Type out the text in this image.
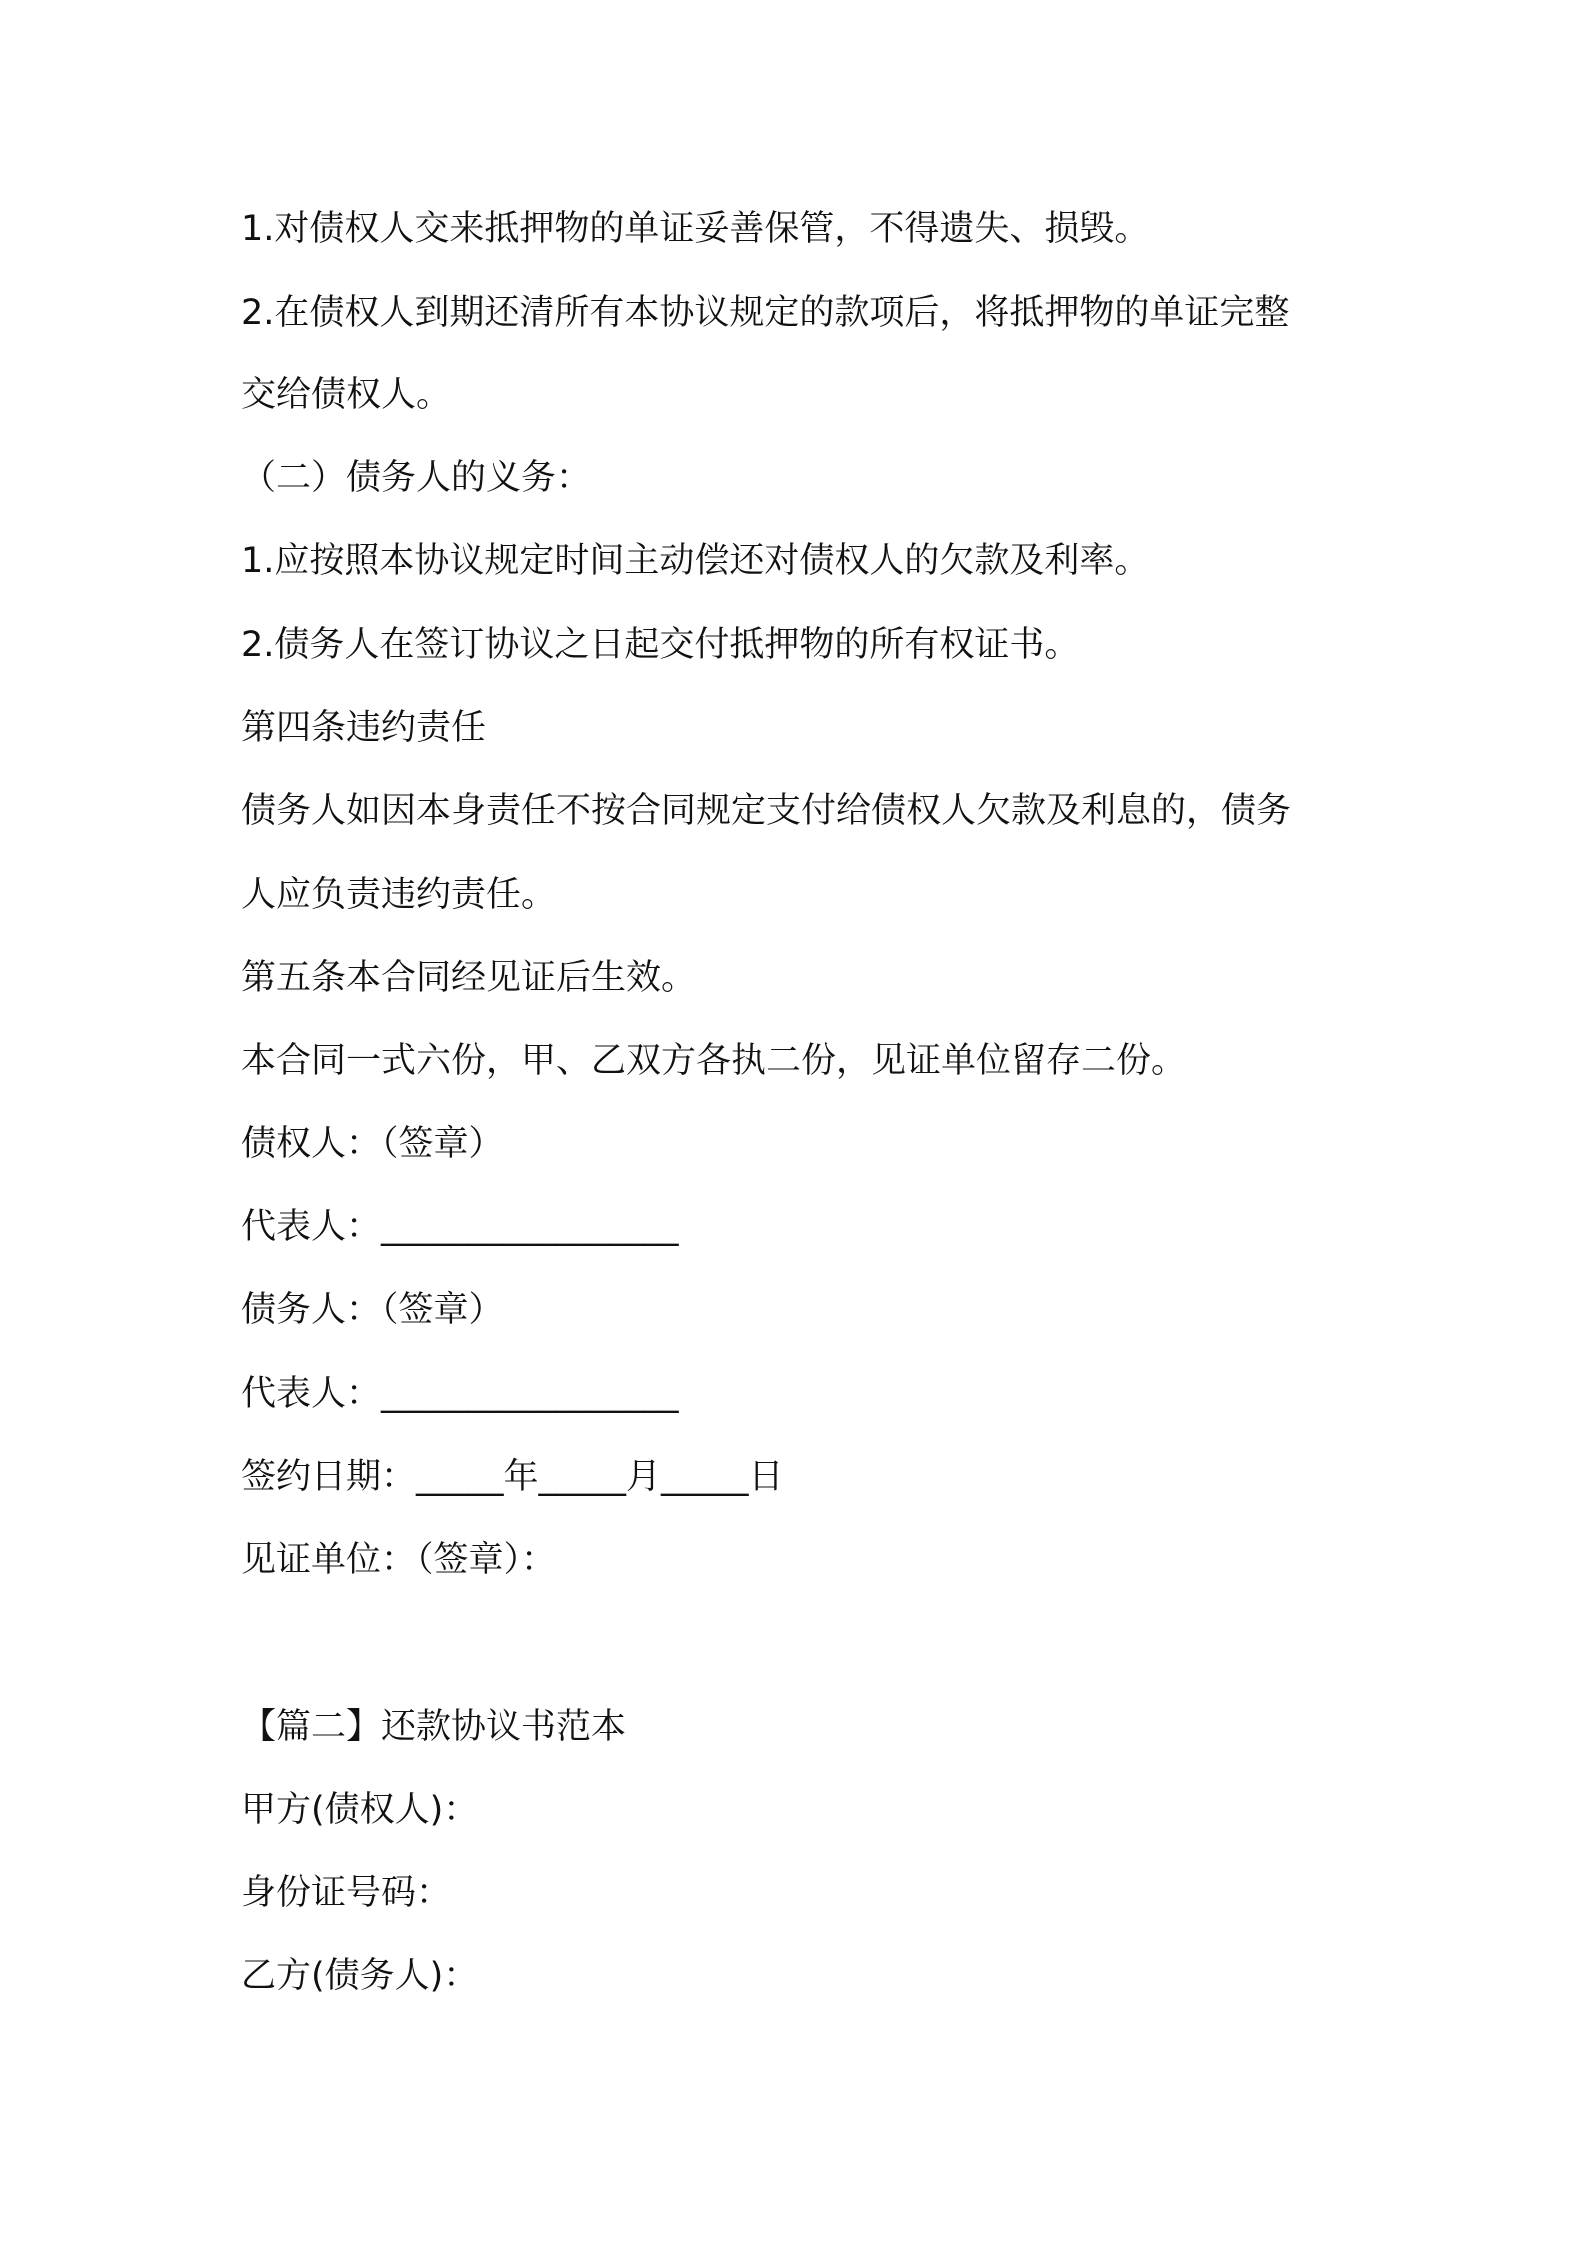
1.对债权人交来抵押物的单证妥善保管，不得遗失、损毁。

2.在债权人到期还清所有本协议规定的款项后，将抵押物的单证完整

交给债权人。

（二）债务人的义务：

1.应按照本协议规定时间主动偿还对债权人的欠款及利率。

2.债务人在签订协议之日起交付抵押物的所有权证书。

第四条违约责任

债务人如因本身责任不按合同规定支付给债权人欠款及利息的，债务

人应负责违约责任。

第五条本合同经见证后生效。

本合同一式六份，甲、乙双方各执二份，见证单位留存二份。

债权人：（签章）

代表人：_________________

债务人：（签章）

代表人：_________________

签约日期：_____年_____月_____日

见证单位：（签章）：

【篇二】还款协议书范本

甲方(债权人)：

身份证号码：

乙方(债务人)：
